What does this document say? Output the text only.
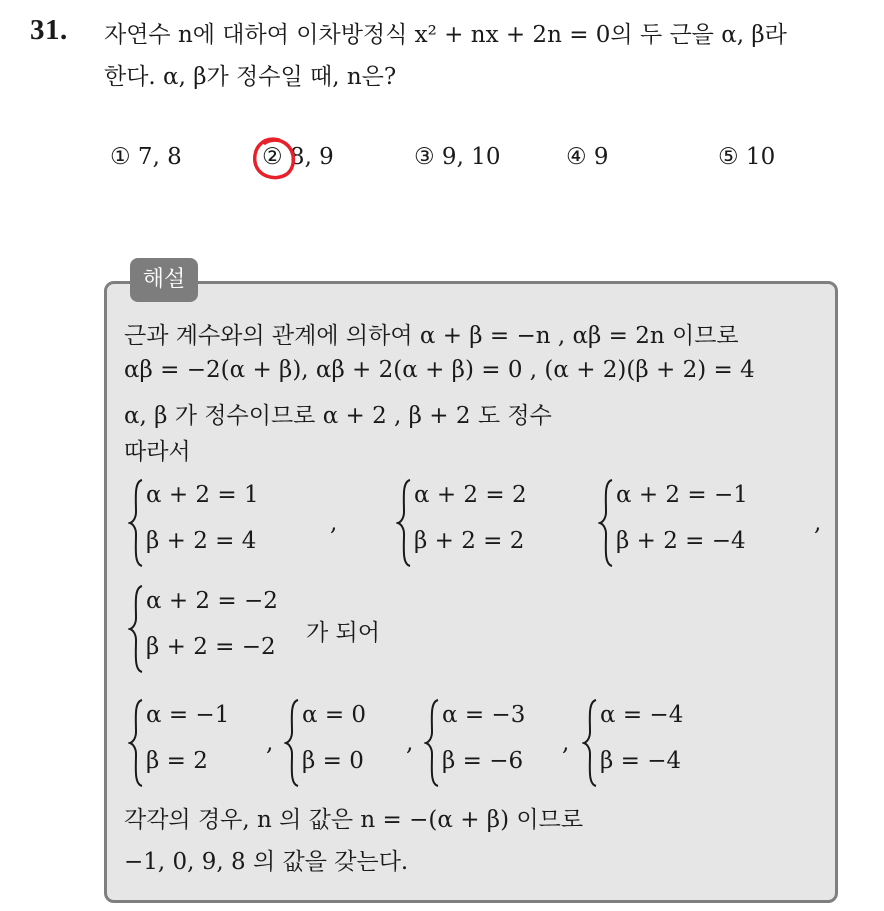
31. 자연수 n에 대하여 이차방정식 x² + nx + 2n = 0의 두 근을 α, β라
한다. α, β가 정수일 때, n은?
① 7, 8	② 8, 9	③ 9, 10	④ 9	⑤ 10
해설
근과 계수와의 관계에 의하여 α + β = −n , αβ = 2n 이므로
αβ = −2(α + β), αβ + 2(α + β) = 0 , (α + 2)(β + 2) = 4
α, β 가 정수이므로 α + 2 , β + 2 도 정수
따라서
α + 2 = 1
β + 2 = 4
,
α + 2 = 2
β + 2 = 2
α + 2 = −1
β + 2 = −4
,
α + 2 = −2
β + 2 = −2
가 되어
α = −1
β = 2
,
α = 0
β = 0
,
α = −3
β = −6
,
α = −4
β = −4
각각의 경우, n 의 값은 n = −(α + β) 이므로
−1, 0, 9, 8 의 값을 갖는다.
